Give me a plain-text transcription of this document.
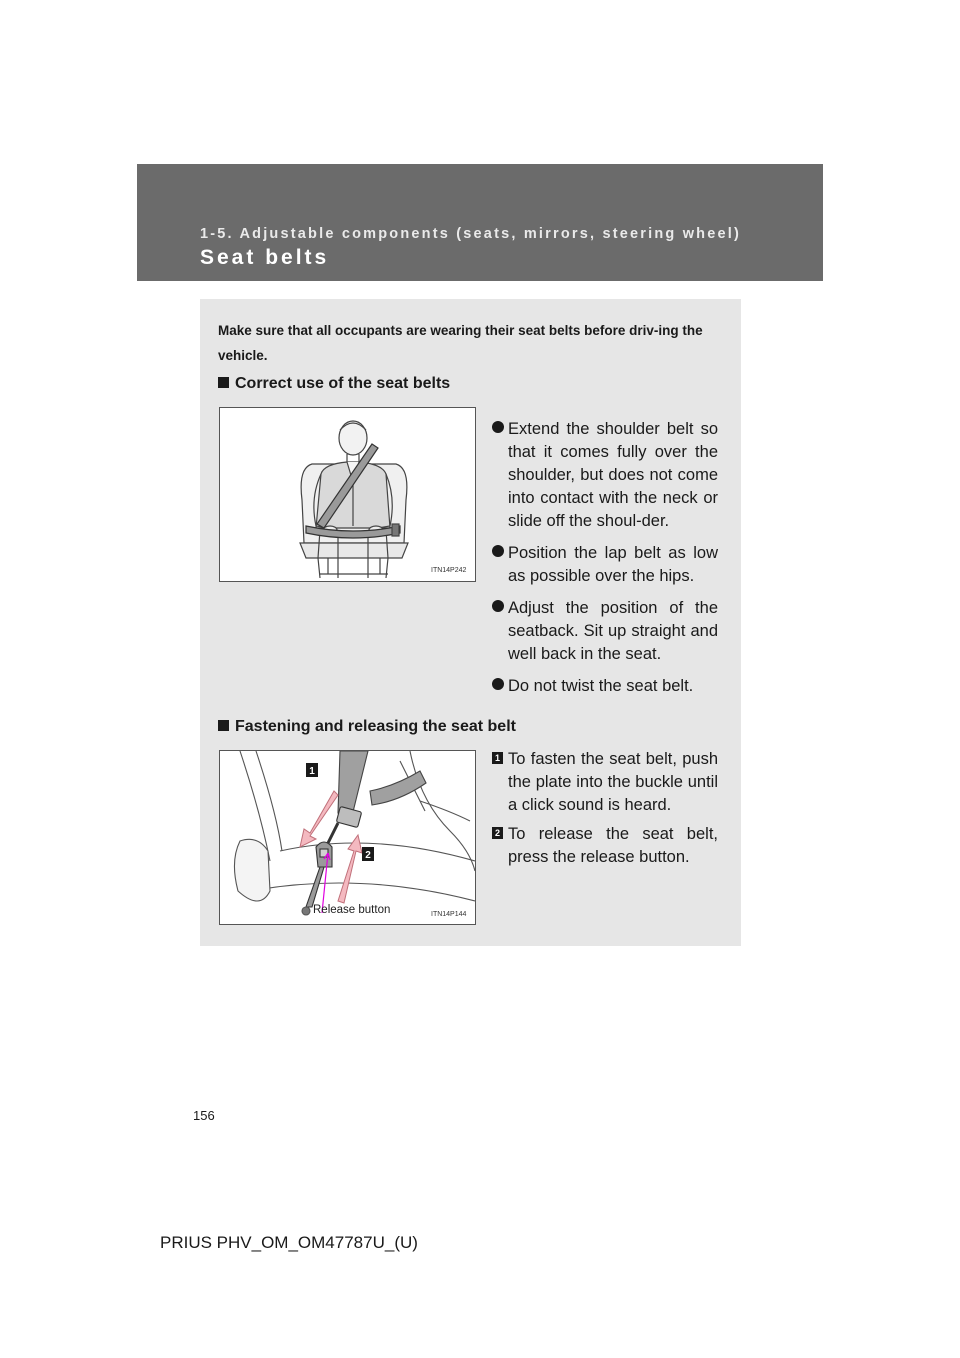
1-5. Adjustable components (seats, mirrors, steering wheel)
Seat belts
Make sure that all occupants are wearing their seat belts before driv-ing the vehicle.
Correct use of the seat belts
ITN14P242
Extend the shoulder belt so that it comes fully over the shoulder, but does not come into contact with the neck or slide off the shoul-der.
Position the lap belt as low as possible over the hips.
Adjust the position of the seatback. Sit up straight and well back in the seat.
Do not twist the seat belt.
Fastening and releasing the seat belt
1
2
Release button	ITN14P144
1 To fasten the seat belt, push the plate into the buckle until a click sound is heard.
2 To release the seat belt, press the release button.
156
PRIUS PHV_OM_OM47787U_(U)
